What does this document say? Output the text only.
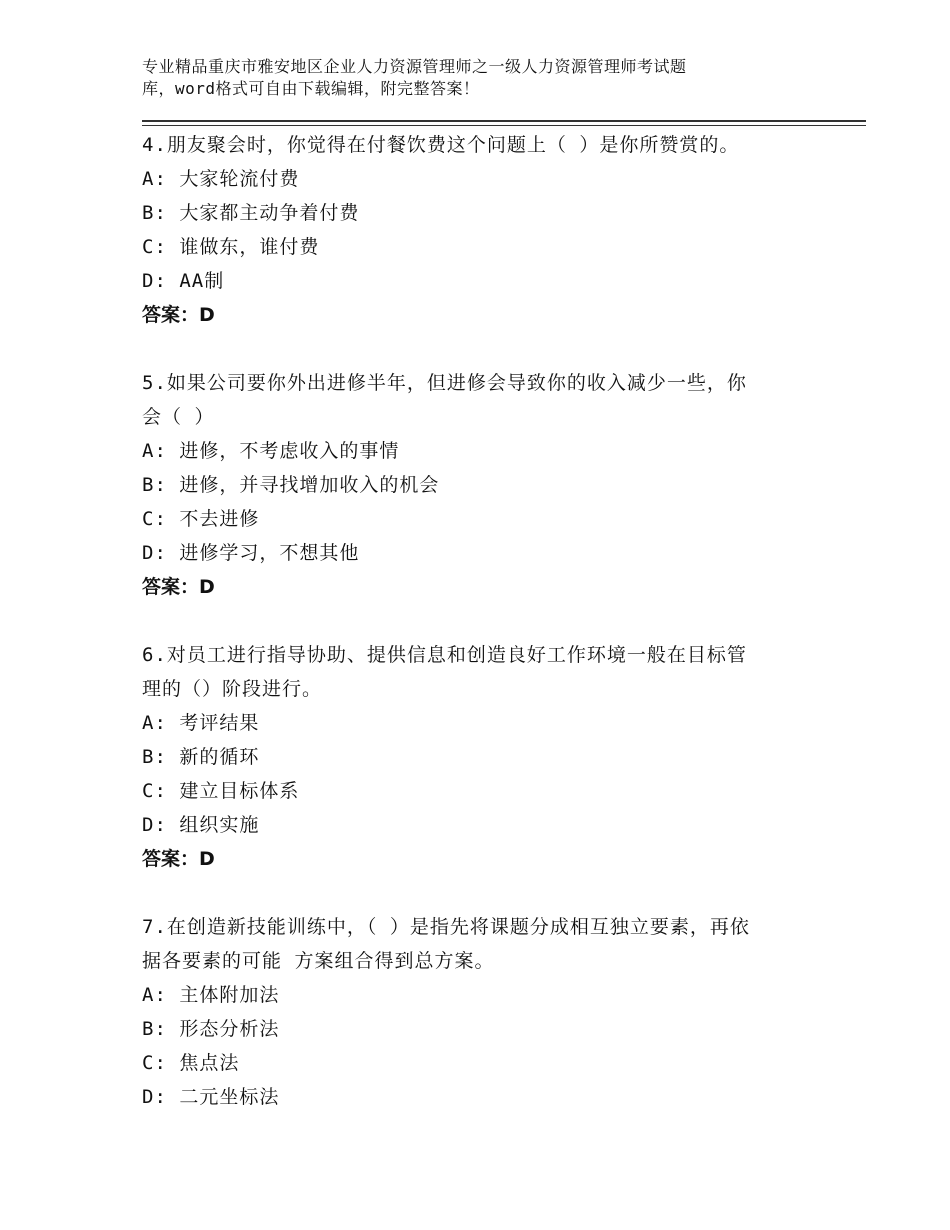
专业精品重庆市雅安地区企业人力资源管理师之一级人力资源管理师考试题
库，word格式可自由下载编辑，附完整答案！
4.朋友聚会时，你觉得在付餐饮费这个问题上（ ）是你所赞赏的。
A: 大家轮流付费
B: 大家都主动争着付费
C: 谁做东，谁付费
D: AA制
答案：D
5.如果公司要你外出进修半年，但进修会导致你的收入减少一些，你
会（ ）
A: 进修，不考虑收入的事情
B: 进修，并寻找增加收入的机会
C: 不去进修
D: 进修学习，不想其他
答案：D
6.对员工进行指导协助、提供信息和创造良好工作环境一般在目标管
理的（）阶段进行。
A: 考评结果
B: 新的循环
C: 建立目标体系
D: 组织实施
答案：D
7.在创造新技能训练中，（ ）是指先将课题分成相互独立要素，再依
据各要素的可能 方案组合得到总方案。
A: 主体附加法
B: 形态分析法
C: 焦点法
D: 二元坐标法
